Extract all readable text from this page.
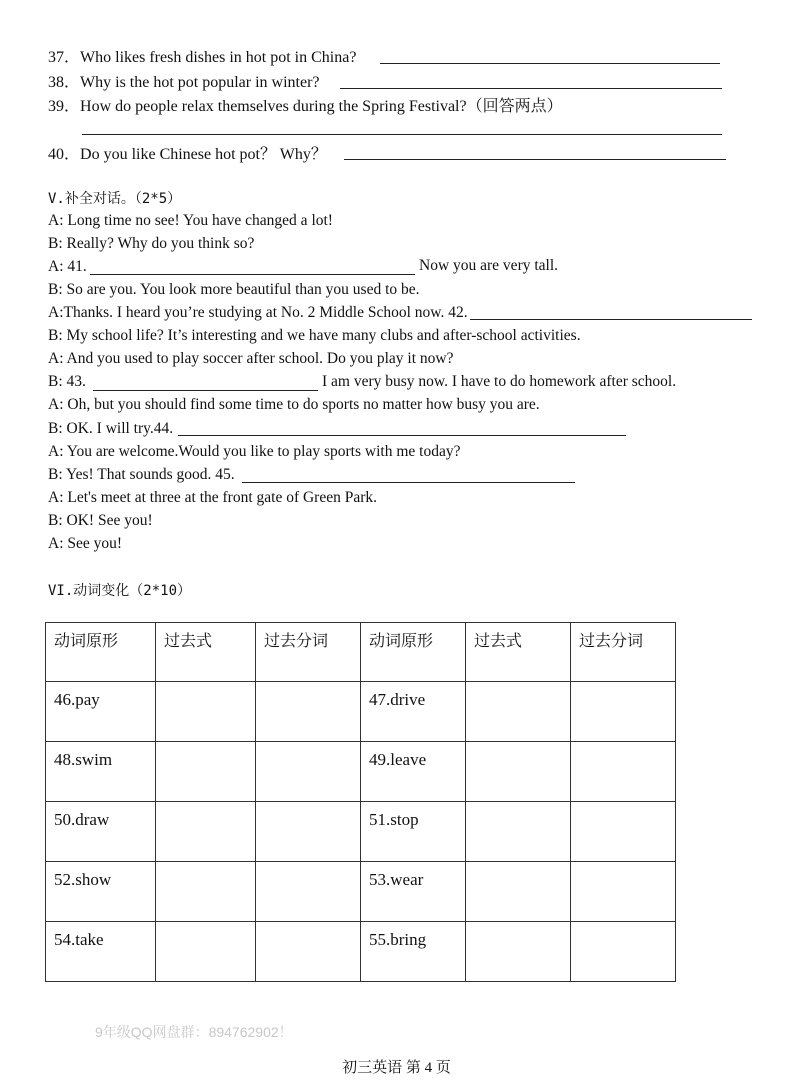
37．Who likes fresh dishes in hot pot in China?
38．Why is the hot pot popular in winter?
39．How do people relax themselves during the Spring Festival?（回答两点）
40．Do you like Chinese hot pot？ Why？
V.补全对话。（2*5）
A: Long time no see! You have changed a lot!
B: Really? Why do you think so?
A: 41.	Now you are very tall.
B: So are you. You look more beautiful than you used to be.
A:Thanks. I heard you’re studying at No. 2 Middle School now. 42.
B: My school life? It’s interesting and we have many clubs and after-school activities.
A: And you used to play soccer after school. Do you play it now?
B: 43.	I am very busy now. I have to do homework after school.
A: Oh, but you should find some time to do sports no matter how busy you are.
B: OK. I will try.44.
A: You are welcome.Would you like to play sports with me today?
B: Yes! That sounds good. 45.
A: Let's meet at three at the front gate of Green Park.
B: OK! See you!
A: See you!
VI.动词变化（2*10）
动词原形	过去式	过去分词	动词原形	过去式	过去分词
46.pay			47.drive		
48.swim			49.leave		
50.draw			51.stop		
52.show			53.wear		
54.take			55.bring		
9年级QQ网盘群：894762902！
初三英语 第 4 页
